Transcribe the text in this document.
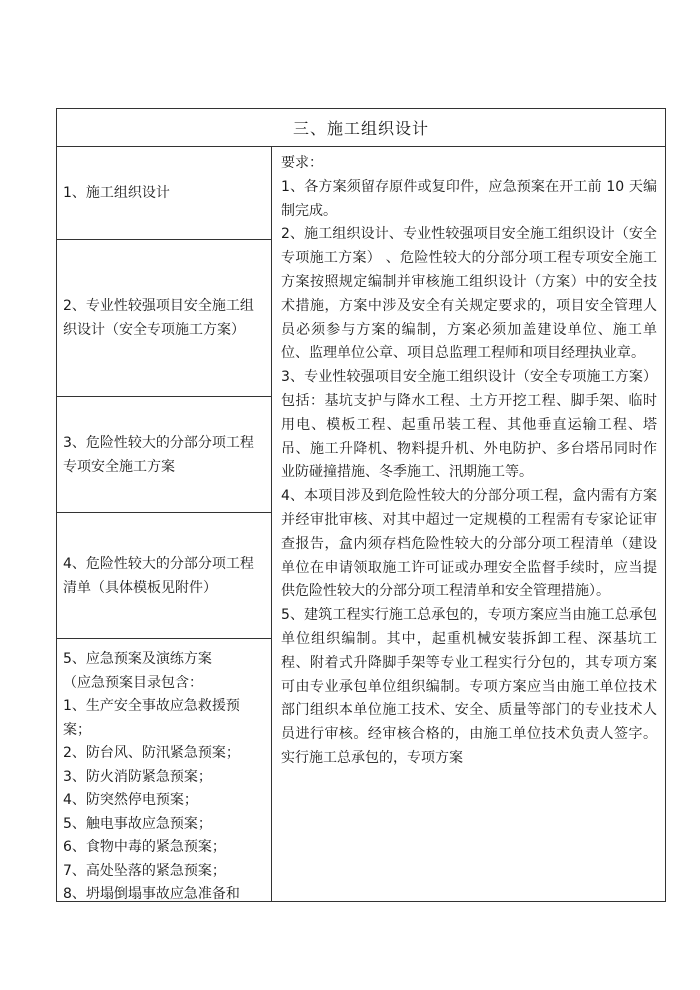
三、施工组织设计
1、施工组织设计
2、专业性较强项目安全施工组织设计（安全专项施工方案）
3、危险性较大的分部分项工程专项安全施工方案
4、危险性较大的分部分项工程清单（具体模板见附件）
5、应急预案及演练方案
（应急预案目录包含：
1、生产安全事故应急救援预案；
2、防台风、防汛紧急预案；
3、防火消防紧急预案；
4、防突然停电预案；
5、触电事故应急预案；
6、食物中毒的紧急预案；
7、高处坠落的紧急预案；
8、坍塌倒塌事故应急准备和

要求：

1、各方案须留存原件或复印件，应急预案在开工前 10 天编制完成。

2、施工组织设计、专业性较强项目安全施工组织设计（安全专项施工方案） 、危险性较大的分部分项工程专项安全施工方案按照规定编制并审核施工组织设计（方案）中的安全技术措施，方案中涉及安全有关规定要求的，项目安全管理人员必须参与方案的编制，方案必须加盖建设单位、施工单位、监理单位公章、项目总监理工程师和项目经理执业章。

3、专业性较强项目安全施工组织设计（安全专项施工方案）包括：基坑支护与降水工程、土方开挖工程、脚手架、临时用电、模板工程、起重吊装工程、其他垂直运输工程、塔吊、施工升降机、物料提升机、外电防护、多台塔吊同时作业防碰撞措施、冬季施工、汛期施工等。

4、本项目涉及到危险性较大的分部分项工程，盒内需有方案并经审批审核、对其中超过一定规模的工程需有专家论证审查报告，盒内须存档危险性较大的分部分项工程清单（建设单位在申请领取施工许可证或办理安全监督手续时，应当提供危险性较大的分部分项工程清单和安全管理措施）。

5、建筑工程实行施工总承包的，专项方案应当由施工总承包单位组织编制。其中，起重机械安装拆卸工程、深基坑工程、附着式升降脚手架等专业工程实行分包的，其专项方案可由专业承包单位组织编制。专项方案应当由施工单位技术部门组织本单位施工技术、安全、质量等部门的专业技术人员进行审核。经审核合格的，由施工单位技术负责人签字。实行施工总承包的，专项方案
